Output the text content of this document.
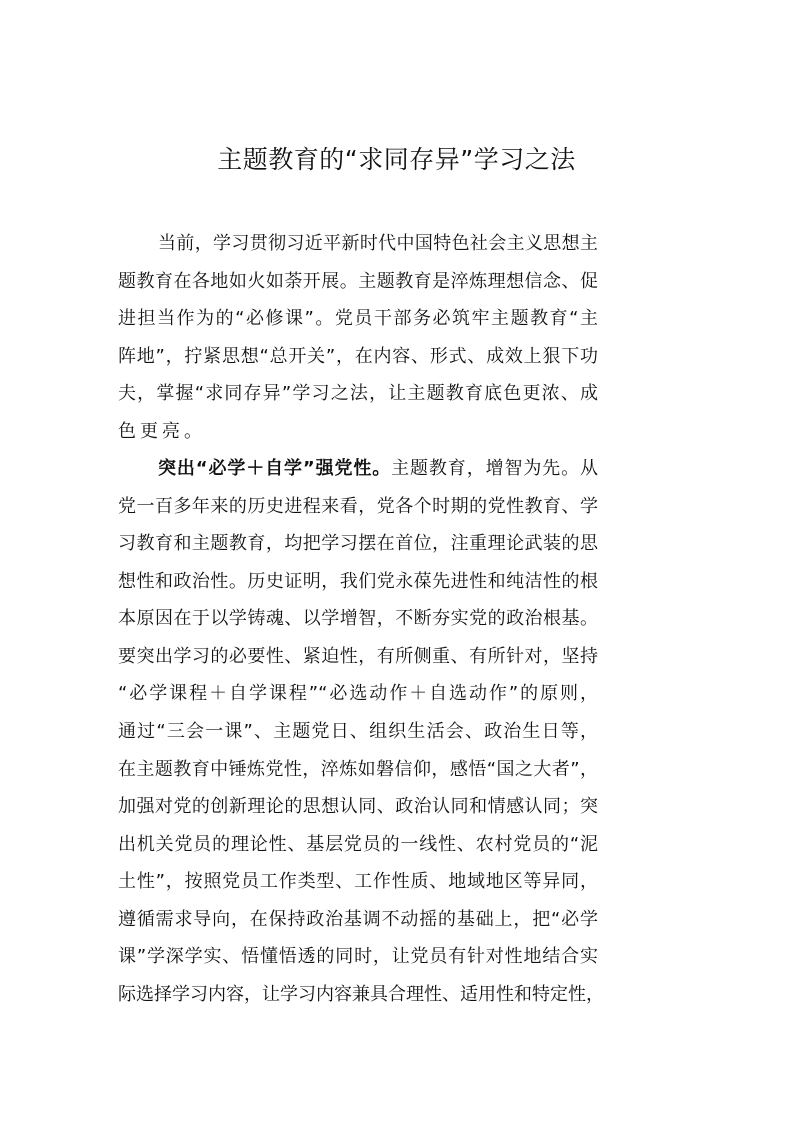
主题教育的“求同存异”学习之法
当前，学习贯彻习近平新时代中国特色社会主义思想主
题教育在各地如火如荼开展。主题教育是淬炼理想信念、促
进担当作为的“必修课”。党员干部务必筑牢主题教育“主
阵地”，拧紧思想“总开关”，在内容、形式、成效上狠下功
夫，掌握“求同存异”学习之法，让主题教育底色更浓、成
色更亮。
突出“必学＋自学”强党性。主题教育，增智为先。从
党一百多年来的历史进程来看，党各个时期的党性教育、学
习教育和主题教育，均把学习摆在首位，注重理论武装的思
想性和政治性。历史证明，我们党永葆先进性和纯洁性的根
本原因在于以学铸魂、以学增智，不断夯实党的政治根基。
要突出学习的必要性、紧迫性，有所侧重、有所针对，坚持
“必学课程＋自学课程”“必选动作＋自选动作”的原则，
通过“三会一课”、主题党日、组织生活会、政治生日等，
在主题教育中锤炼党性，淬炼如磐信仰，感悟“国之大者”，
加强对党的创新理论的思想认同、政治认同和情感认同；突
出机关党员的理论性、基层党员的一线性、农村党员的“泥
土性”，按照党员工作类型、工作性质、地域地区等异同，
遵循需求导向，在保持政治基调不动摇的基础上，把“必学
课”学深学实、悟懂悟透的同时，让党员有针对性地结合实
际选择学习内容，让学习内容兼具合理性、适用性和特定性，
